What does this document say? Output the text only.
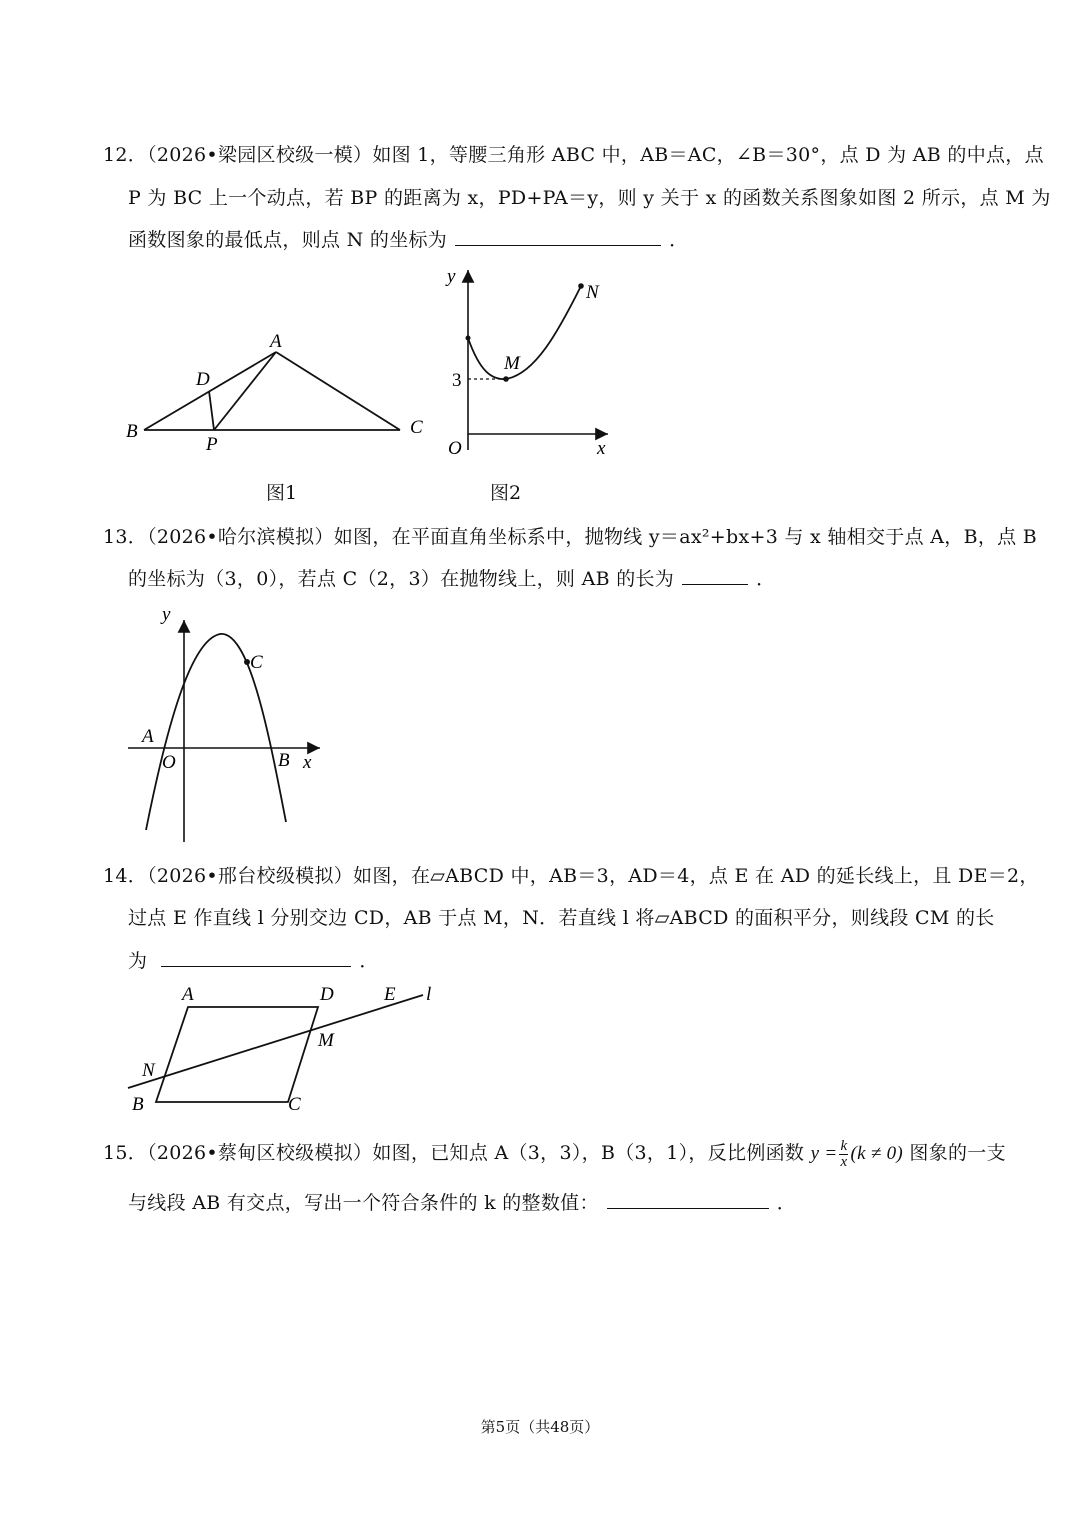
12．（2026•梁园区校级一模）如图 1，等腰三角形 ABC 中，AB＝AC，∠B＝30°，点 D 为 AB 的中点，点
P 为 BC 上一个动点，若 BP 的距离为 x，PD+PA＝y，则 y 关于 x 的函数关系图象如图 2 所示，点 M 为
函数图象的最低点，则点 N 的坐标为	．
A
B	C
D
P
y
x
O
M
N
3
图1	图2
13．（2026•哈尔滨模拟）如图，在平面直角坐标系中，抛物线 y＝ax²+bx+3 与 x 轴相交于点 A，B，点 B
的坐标为（3，0），若点 C（2，3）在抛物线上，则 AB 的长为	．
y
x
O
A
B
C
14．（2026•邢台校级模拟）如图，在▱ABCD 中，AB＝3，AD＝4，点 E 在 AD 的延长线上，且 DE＝2，
过点 E 作直线 l 分别交边 CD，AB 于点 M，N．若直线 l 将▱ABCD 的面积平分，则线段 CM 的长
为	．
A	D	E l
M
N
B	C
15．（2026•蔡甸区校级模拟）如图，已知点 A（3，3），B（3，1），反比例函数 $y = \frac{k}{x} (k \ne 0)$ 图象的一支
与线段 AB 有交点，写出一个符合条件的 k 的整数值：	．
第5页（共48页）
